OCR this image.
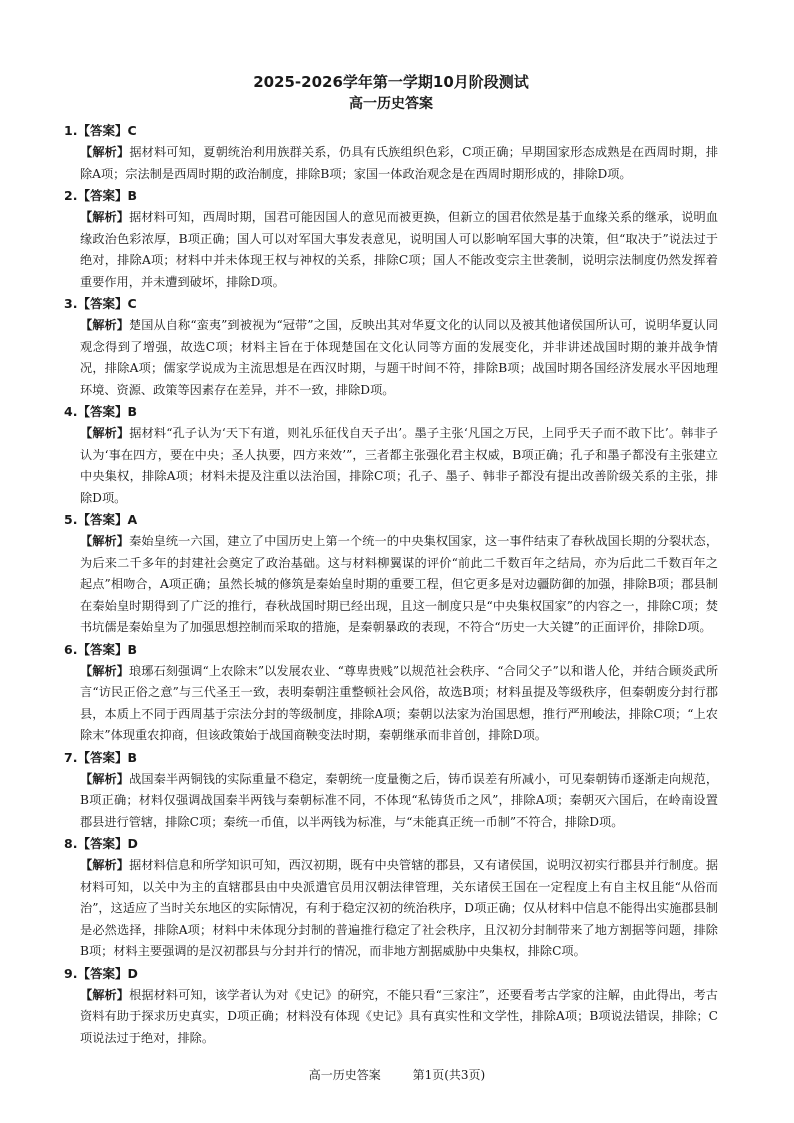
2025-2026学年第一学期10月阶段测试
高一历史答案
1.【答案】C

【解析】据材料可知，夏朝统治利用族群关系，仍具有氏族组织色彩，C项正确；早期国家形态成熟是在西周时期，排除A项；宗法制是西周时期的政治制度，排除B项；家国一体政治观念是在西周时期形成的，排除D项。

2.【答案】B

【解析】据材料可知，西周时期，国君可能因国人的意见而被更换，但新立的国君依然是基于血缘关系的继承，说明血缘政治色彩浓厚，B项正确；国人可以对军国大事发表意见，说明国人可以影响军国大事的决策，但“取决于”说法过于绝对，排除A项；材料中并未体现王权与神权的关系，排除C项；国人不能改变宗主世袭制，说明宗法制度仍然发挥着重要作用，并未遭到破坏，排除D项。

3.【答案】C

【解析】楚国从自称“蛮夷”到被视为“冠带”之国，反映出其对华夏文化的认同以及被其他诸侯国所认可，说明华夏认同观念得到了增强，故选C项；材料主旨在于体现楚国在文化认同等方面的发展变化，并非讲述战国时期的兼并战争情况，排除A项；儒家学说成为主流思想是在西汉时期，与题干时间不符，排除B项；战国时期各国经济发展水平因地理环境、资源、政策等因素存在差异，并不一致，排除D项。

4.【答案】B

【解析】据材料“孔子认为‘天下有道，则礼乐征伐自天子出’。墨子主张‘凡国之万民，上同乎天子而不敢下比’。韩非子认为‘事在四方，要在中央；圣人执要，四方来效’”，三者都主张强化君主权威，B项正确；孔子和墨子都没有主张建立中央集权，排除A项；材料未提及注重以法治国，排除C项；孔子、墨子、韩非子都没有提出改善阶级关系的主张，排除D项。

5.【答案】A

【解析】秦始皇统一六国，建立了中国历史上第一个统一的中央集权国家，这一事件结束了春秋战国长期的分裂状态，为后来二千多年的封建社会奠定了政治基础。这与材料柳翼谋的评价“前此二千数百年之结局，亦为后此二千数百年之起点”相吻合，A项正确；虽然长城的修筑是秦始皇时期的重要工程，但它更多是对边疆防御的加强，排除B项；郡县制在秦始皇时期得到了广泛的推行，春秋战国时期已经出现，且这一制度只是“中央集权国家”的内容之一，排除C项；焚书坑儒是秦始皇为了加强思想控制而采取的措施，是秦朝暴政的表现，不符合“历史一大关键”的正面评价，排除D项。

6.【答案】B

【解析】琅琊石刻强调“上农除末”以发展农业、“尊卑贵贱”以规范社会秩序、“合同父子”以和谐人伦，并结合顾炎武所言“访民正俗之意”与三代圣王一致，表明秦朝注重整顿社会风俗，故选B项；材料虽提及等级秩序，但秦朝废分封行郡县，本质上不同于西周基于宗法分封的等级制度，排除A项；秦朝以法家为治国思想，推行严刑峻法，排除C项；“上农除末”体现重农抑商，但该政策始于战国商鞅变法时期，秦朝继承而非首创，排除D项。

7.【答案】B

【解析】战国秦半两铜钱的实际重量不稳定，秦朝统一度量衡之后，铸币误差有所减小，可见秦朝铸币逐渐走向规范，B项正确；材料仅强调战国秦半两钱与秦朝标准不同，不体现“私铸货币之风”，排除A项；秦朝灭六国后，在岭南设置郡县进行管辖，排除C项；秦统一币值，以半两钱为标准，与“未能真正统一币制”不符合，排除D项。

8.【答案】D

【解析】据材料信息和所学知识可知，西汉初期，既有中央管辖的郡县，又有诸侯国，说明汉初实行郡县并行制度。据材料可知，以关中为主的直辖郡县由中央派遣官员用汉朝法律管理，关东诸侯王国在一定程度上有自主权且能“从俗而治”，这适应了当时关东地区的实际情况，有利于稳定汉初的统治秩序，D项正确；仅从材料中信息不能得出实施郡县制是必然选择，排除A项；材料中未体现分封制的普遍推行稳定了社会秩序，且汉初分封制带来了地方割据等问题，排除B项；材料主要强调的是汉初郡县与分封并行的情况，而非地方割据威胁中央集权，排除C项。

9.【答案】D

【解析】根据材料可知，该学者认为对《史记》的研究，不能只看“三家注”，还要看考古学家的注解，由此得出，考古资料有助于探求历史真实，D项正确；材料没有体现《史记》具有真实性和文学性，排除A项；B项说法错误，排除；C项说法过于绝对，排除。

高一历史答案	第1页(共3页)
